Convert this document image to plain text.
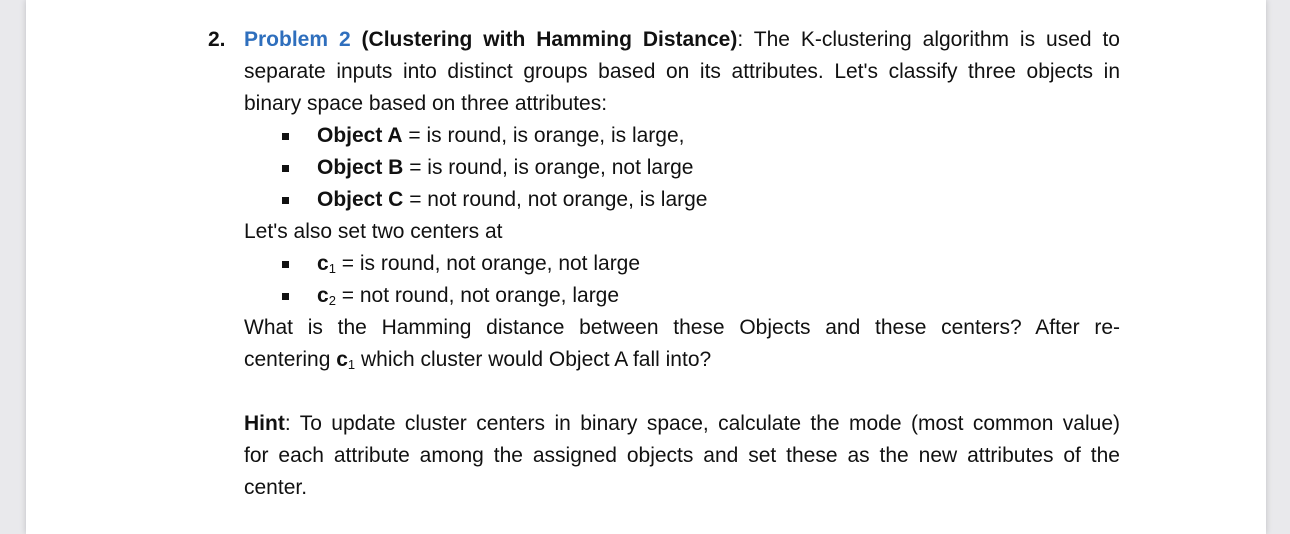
2. Problem 2 (Clustering with Hamming Distance): The K-clustering algorithm is used to
separate inputs into distinct groups based on its attributes. Let's classify three objects in
binary space based on three attributes:
Object A = is round, is orange, is large,
Object B = is round, is orange, not large
Object C = not round, not orange, is large
Let's also set two centers at
$c_1$ = is round, not orange, not large
$c_2$ = not round, not orange, large
What is the Hamming distance between these Objects and these centers? After re-
centering $c_1$ which cluster would Object A fall into?
Hint: To update cluster centers in binary space, calculate the mode (most common value)
for each attribute among the assigned objects and set these as the new attributes of the
center.
